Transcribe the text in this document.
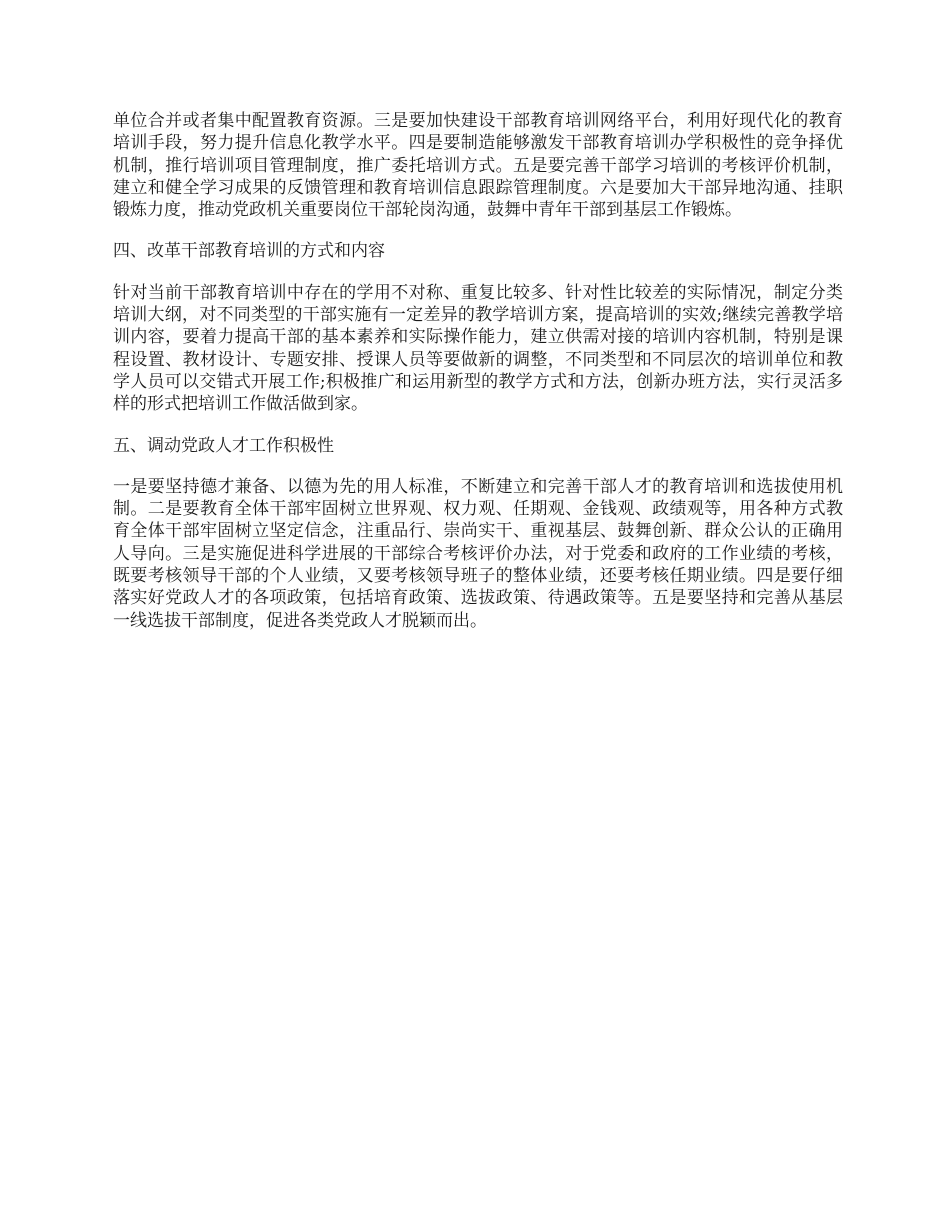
单位合并或者集中配置教育资源。三是要加快建设干部教育培训网络平台，利用好现代化的教育培训手段，努力提升信息化教学水平。四是要制造能够激发干部教育培训办学积极性的竞争择优机制，推行培训项目管理制度，推广委托培训方式。五是要完善干部学习培训的考核评价机制，建立和健全学习成果的反馈管理和教育培训信息跟踪管理制度。六是要加大干部异地沟通、挂职锻炼力度，推动党政机关重要岗位干部轮岗沟通，鼓舞中青年干部到基层工作锻炼。

四、改革干部教育培训的方式和内容

针对当前干部教育培训中存在的学用不对称、重复比较多、针对性比较差的实际情况，制定分类培训大纲，对不同类型的干部实施有一定差异的教学培训方案，提高培训的实效;继续完善教学培训内容，要着力提高干部的基本素养和实际操作能力，建立供需对接的培训内容机制，特别是课程设置、教材设计、专题安排、授课人员等要做新的调整，不同类型和不同层次的培训单位和教学人员可以交错式开展工作;积极推广和运用新型的教学方式和方法，创新办班方法，实行灵活多样的形式把培训工作做活做到家。

五、调动党政人才工作积极性

一是要坚持德才兼备、以德为先的用人标准，不断建立和完善干部人才的教育培训和选拔使用机制。二是要教育全体干部牢固树立世界观、权力观、任期观、金钱观、政绩观等，用各种方式教育全体干部牢固树立坚定信念，注重品行、崇尚实干、重视基层、鼓舞创新、群众公认的正确用人导向。三是实施促进科学进展的干部综合考核评价办法，对于党委和政府的工作业绩的考核，既要考核领导干部的个人业绩，又要考核领导班子的整体业绩，还要考核任期业绩。四是要仔细落实好党政人才的各项政策，包括培育政策、选拔政策、待遇政策等。五是要坚持和完善从基层一线选拔干部制度，促进各类党政人才脱颖而出。
